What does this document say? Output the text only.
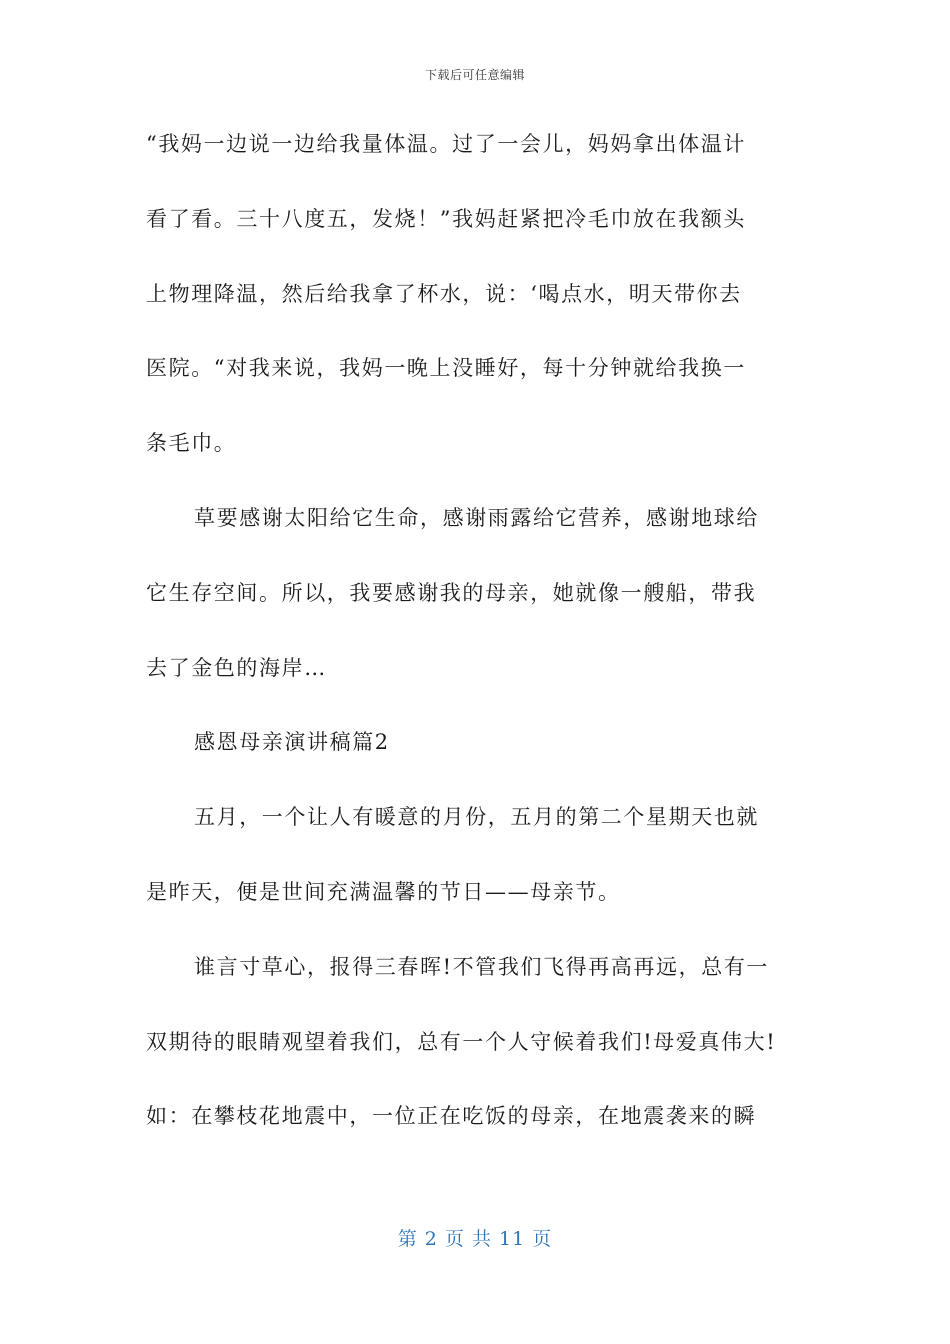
下载后可任意编辑
“我妈一边说一边给我量体温。过了一会儿，妈妈拿出体温计
看了看。三十八度五，发烧！”我妈赶紧把冷毛巾放在我额头
上物理降温，然后给我拿了杯水，说：‘喝点水，明天带你去
医院。“对我来说，我妈一晚上没睡好，每十分钟就给我换一
条毛巾。
草要感谢太阳给它生命，感谢雨露给它营养，感谢地球给
它生存空间。所以，我要感谢我的母亲，她就像一艘船，带我
去了金色的海岸…
感恩母亲演讲稿篇2
五月，一个让人有暖意的月份，五月的第二个星期天也就
是昨天，便是世间充满温馨的节日——母亲节。
谁言寸草心，报得三春晖!不管我们飞得再高再远，总有一
双期待的眼睛观望着我们，总有一个人守候着我们!母爱真伟大!
如：在攀枝花地震中，一位正在吃饭的母亲，在地震袭来的瞬
第 2 页 共 11 页
